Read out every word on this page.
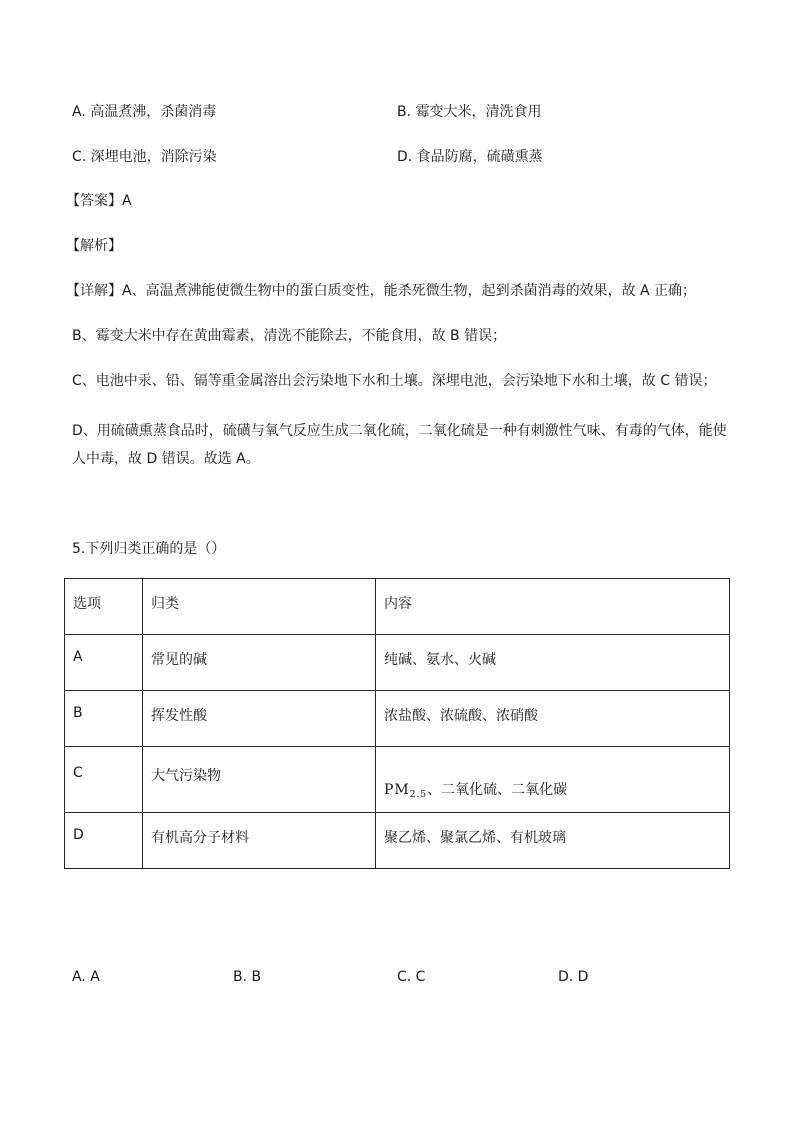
A. 高温煮沸，杀菌消毒	B. 霉变大米，清洗食用
C. 深埋电池，消除污染	D. 食品防腐，硫磺熏蒸
【答案】A
【解析】
【详解】A、高温煮沸能使微生物中的蛋白质变性，能杀死微生物，起到杀菌消毒的效果，故 A 正确；
B、霉变大米中存在黄曲霉素，清洗不能除去，不能食用，故 B 错误；
C、电池中汞、铅、镉等重金属溶出会污染地下水和土壤。深埋电池，会污染地下水和土壤，故 C 错误；
D、用硫磺熏蒸食品时，硫磺与氧气反应生成二氧化硫，二氧化硫是一种有刺激性气味、有毒的气体，能使人中毒，故 D 错误。故选 A。
5.下列归类正确的是（）
选项	归类	内容
A	常见的碱	纯碱、氨水、火碱
B	挥发性酸	浓盐酸、浓硫酸、浓硝酸
C	大气污染物	PM2.5、二氧化硫、二氧化碳
D	有机高分子材料	聚乙烯、聚氯乙烯、有机玻璃
A. A	B. B	C. C	D. D
